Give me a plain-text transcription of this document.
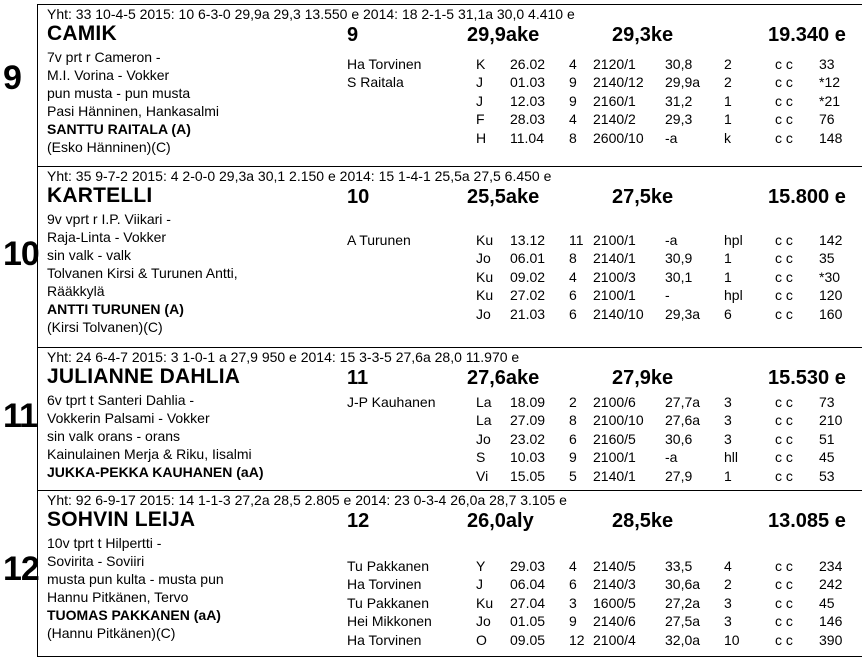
9
Yht: 33 10-4-5 2015: 10 6-3-0 29,9a 29,3 13.550 e 2014: 18 2-1-5 31,1a 30,0 4.410 e
CAMIK	9	29,9ake	29,3ke	19.340 e
7v prt r Cameron -
M.I. Vorina - Vokker
pun musta - pun musta
Pasi Hänninen, Hankasalmi
SANTTU RAITALA (A)
(Esko Hänninen)(C)
Ha Torvinen	K 26.02 4 2120/1 30,8 2	c c 33
S Raitala	J 01.03 9 2140/12 29,9a 2	c c *12
J 12.03 9 2160/1 31,2 1	c c *21
F 28.03 4 2140/2 29,3 1	c c 76
H 11.04 8 2600/10 -a	k	c c 148
10
Yht: 35 9-7-2 2015: 4 2-0-0 29,3a 30,1 2.150 e 2014: 15 1-4-1 25,5a 27,5 6.450 e
KARTELLI	10	25,5ake	27,5ke	15.800 e
9v vprt r I.P. Viikari -
Raja-Linta - Vokker
sin valk - valk
Tolvanen Kirsi & Turunen Antti,
Rääkkylä
ANTTI TURUNEN (A)
(Kirsi Tolvanen)(C)
A Turunen	Ku 13.12 11 2100/1 -a	hpl c c 142
Jo 06.01 8 2140/1 30,9 1	c c 35
Ku 09.02 4 2100/3 30,1 1	c c *30
Ku 27.02 6 2100/1 -	hpl c c 120
Jo 21.03 6 2140/10 29,3a 6	c c 160
11
Yht: 24 6-4-7 2015: 3 1-0-1 a 27,9 950 e 2014: 15 3-3-5 27,6a 28,0 11.970 e
JULIANNE DAHLIA	11	27,6ake	27,9ke	15.530 e
6v tprt t Santeri Dahlia -
Vokkerin Palsami - Vokker
sin valk orans - orans
Kainulainen Merja & Riku, Iisalmi
JUKKA-PEKKA KAUHANEN (aA)
J-P Kauhanen	La 18.09 2 2100/6 27,7a 3	c c 73
La 27.09 8 2100/10 27,6a 3	c c 210
Jo 23.02 6 2160/5 30,6 3	c c 51
S 10.03 9 2100/1 -a	hll	c c 45
Vi 15.05 5 2140/1 27,9 1	c c 53
12
Yht: 92 6-9-17 2015: 14 1-1-3 27,2a 28,5 2.805 e 2014: 23 0-3-4 26,0a 28,7 3.105 e
SOHVIN LEIJA	12	26,0aly	28,5ke	13.085 e
10v tprt t Hilpertti -
Sovirita - Soviiri
musta pun kulta - musta pun
Hannu Pitkänen, Tervo
TUOMAS PAKKANEN (aA)
(Hannu Pitkänen)(C)
Tu Pakkanen	Y 29.03 4 2140/5 33,5 4	c c 234
Ha Torvinen	J 06.04 6 2140/3 30,6a 2	c c 242
Tu Pakkanen	Ku 27.04 3 1600/5 27,2a 3	c c 45
Hei Mikkonen	Jo 01.05 9 2140/6 27,5a 3	c c 146
Ha Torvinen	O 09.05 12 2100/4 32,0a 10	c c 390
